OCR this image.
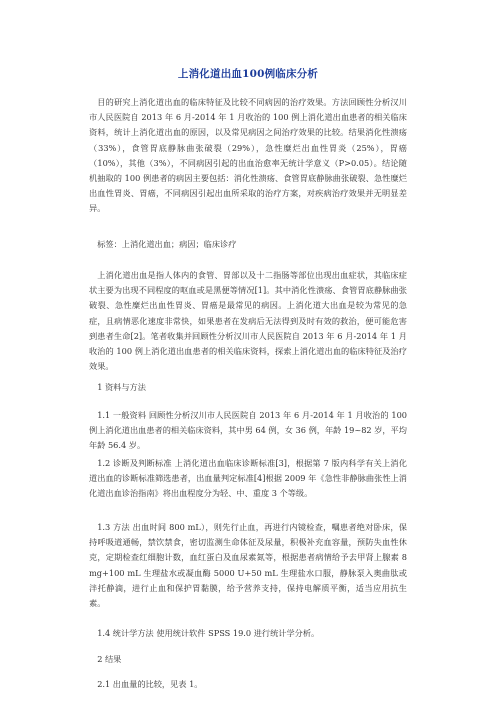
上消化道出血100例临床分析

目的研究上消化道出血的临床特征及比较不同病因的治疗效果。方法回顾性分析汉川市人民医院自 2013 年 6 月-2014 年 1 月收治的 100 例上消化道出血患者的相关临床资料，统计上消化道出血的原因，以及常见病因之间治疗效果的比较。结果消化性溃疡（33%），食管胃底静脉曲张破裂（29%），急性糜烂出血性胃炎（25%），胃癌（10%），其他（3%），不同病因引起的出血治愈率无统计学意义（P>0.05）。结论随机抽取的 100 例患者的病因主要包括：消化性溃疡、食管胃底静脉曲张破裂、急性糜烂出血性胃炎、胃癌，不同病因引起出血所采取的治疗方案，对疾病治疗效果并无明显差异。

标签：上消化道出血；病因；临床诊疗

上消化道出血是指人体内的食管、胃部以及十二指肠等部位出现出血症状，其临床症状主要为出现不同程度的呕血或是黑便等情况[1]。其中消化性溃疡、食管胃底静脉曲张破裂、急性糜烂出血性胃炎、胃癌是最常见的病因。上消化道大出血是较为常见的急症，且病情恶化速度非常快，如果患者在发病后无法得到及时有效的救治，便可能危害到患者生命[2]。笔者收集并回顾性分析汉川市人民医院自 2013 年 6 月-2014 年 1 月收治的 100 例上消化道出血患者的相关临床资料，探索上消化道出血的临床特征及治疗效果。

1 资料与方法

1.1 一般资料 回顾性分析汉川市人民医院自 2013 年 6 月-2014 年 1 月收治的 100 例上消化道出血患者的相关临床资料，其中男 64 例，女 36 例，年龄 19~82 岁，平均年龄 56.4 岁。

1.2 诊断及判断标准 上消化道出血临床诊断标准[3]，根据第 7 版内科学有关上消化道出血的诊断标准筛选患者，出血量判定标准[4]根据 2009 年《急性非静脉曲张性上消化道出血诊治指南》将出血程度分为轻、中、重度 3 个等级。

1.3 方法 出血时间 800 mL），则先行止血，再进行内镜检查，嘱患者绝对卧床，保持呼吸道通畅，禁饮禁食，密切监测生命体征及尿量，积极补充血容量，预防失血性休克，定期检查红细胞计数，血红蛋白及血尿素氮等，根据患者病情给予去甲肾上腺素 8 mg+100 mL 生理盐水或凝血酶 5000 U+50 mL 生理盐水口服，静脉泵入奥曲肽或泮托静滴，进行止血和保护胃黏膜，给予营养支持，保持电解质平衡，适当应用抗生素。

1.4 统计学方法 使用统计软件 SPSS 19.0 进行统计学分析。

2 结果

2.1 出血量的比较，见表 1。
